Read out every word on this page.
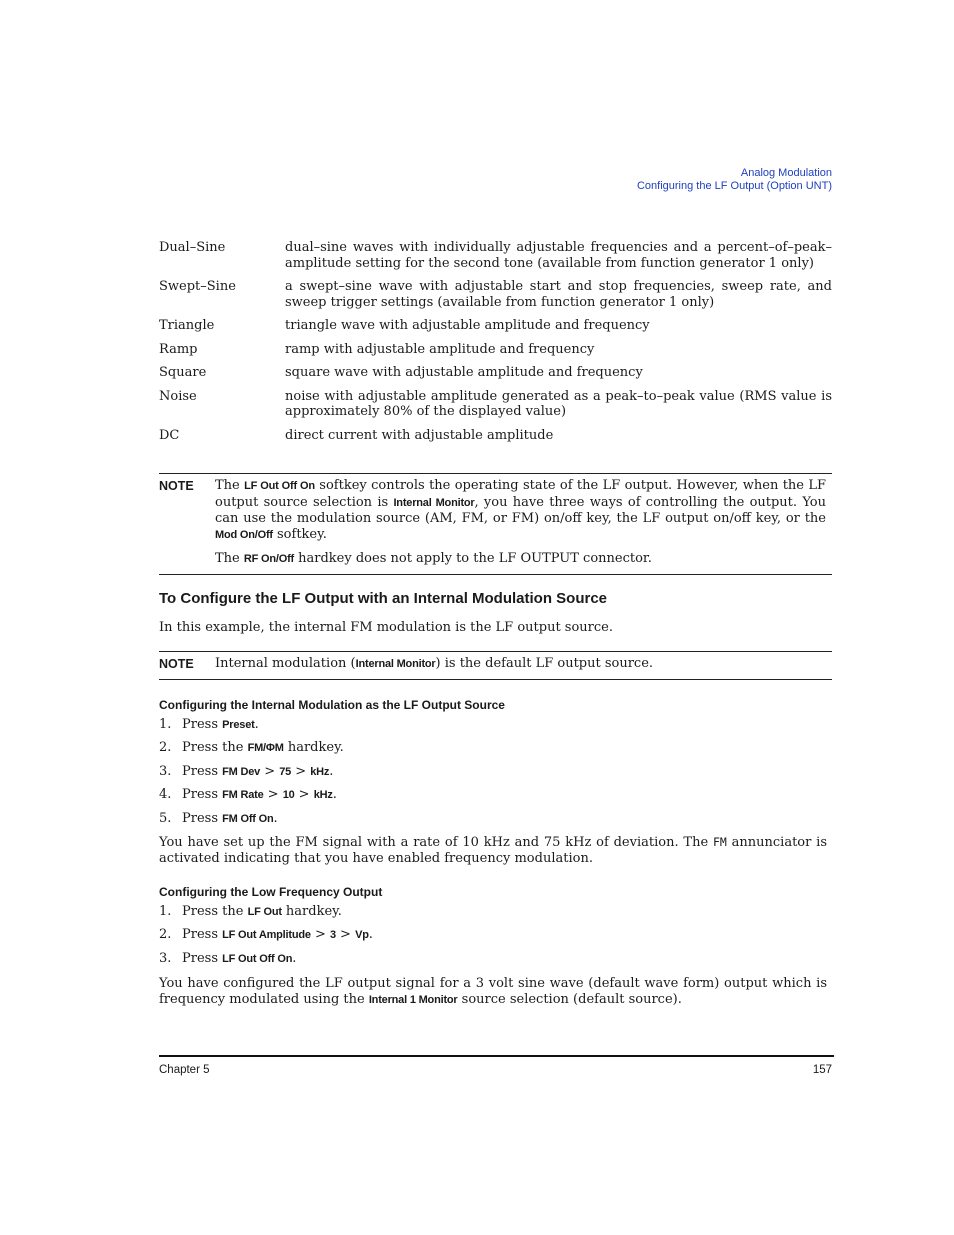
Analog Modulation
Configuring the LF Output (Option UNT)
Dual–Sine	dual–sine waves with individually adjustable frequencies and a percent–of–peak–amplitude setting for the second tone (available from function generator 1 only)
Swept–Sine	a swept–sine wave with adjustable start and stop frequencies, sweep rate, and sweep trigger settings (available from function generator 1 only)
Triangle	triangle wave with adjustable amplitude and frequency
Ramp	ramp with adjustable amplitude and frequency
Square	square wave with adjustable amplitude and frequency
Noise	noise with adjustable amplitude generated as a peak–to–peak value (RMS value is approximately 80% of the displayed value)
DC	direct current with adjustable amplitude
NOTE	The LF Out Off On softkey controls the operating state of the LF output. However, when the LF output source selection is Internal Monitor, you have three ways of controlling the output. You can use the modulation source (AM, FM, or FM) on/off key, the LF output on/off key, or the Mod On/Off softkey.

The RF On/Off hardkey does not apply to the LF OUTPUT connector.

To Configure the LF Output with an Internal Modulation Source

In this example, the internal FM modulation is the LF output source.

NOTE	Internal modulation (Internal Monitor) is the default LF output source.

Configuring the Internal Modulation as the LF Output Source
1. Press Preset.
2. Press the FM/ΦM hardkey.
3. Press FM Dev > 75 > kHz.
4. Press FM Rate > 10 > kHz.
5. Press FM Off On.

You have set up the FM signal with a rate of 10 kHz and 75 kHz of deviation. The FM annunciator is activated indicating that you have enabled frequency modulation.

Configuring the Low Frequency Output
1. Press the LF Out hardkey.
2. Press LF Out Amplitude > 3 > Vp.
3. Press LF Out Off On.

You have configured the LF output signal for a 3 volt sine wave (default wave form) output which is frequency modulated using the Internal 1 Monitor source selection (default source).

Chapter 5	157
